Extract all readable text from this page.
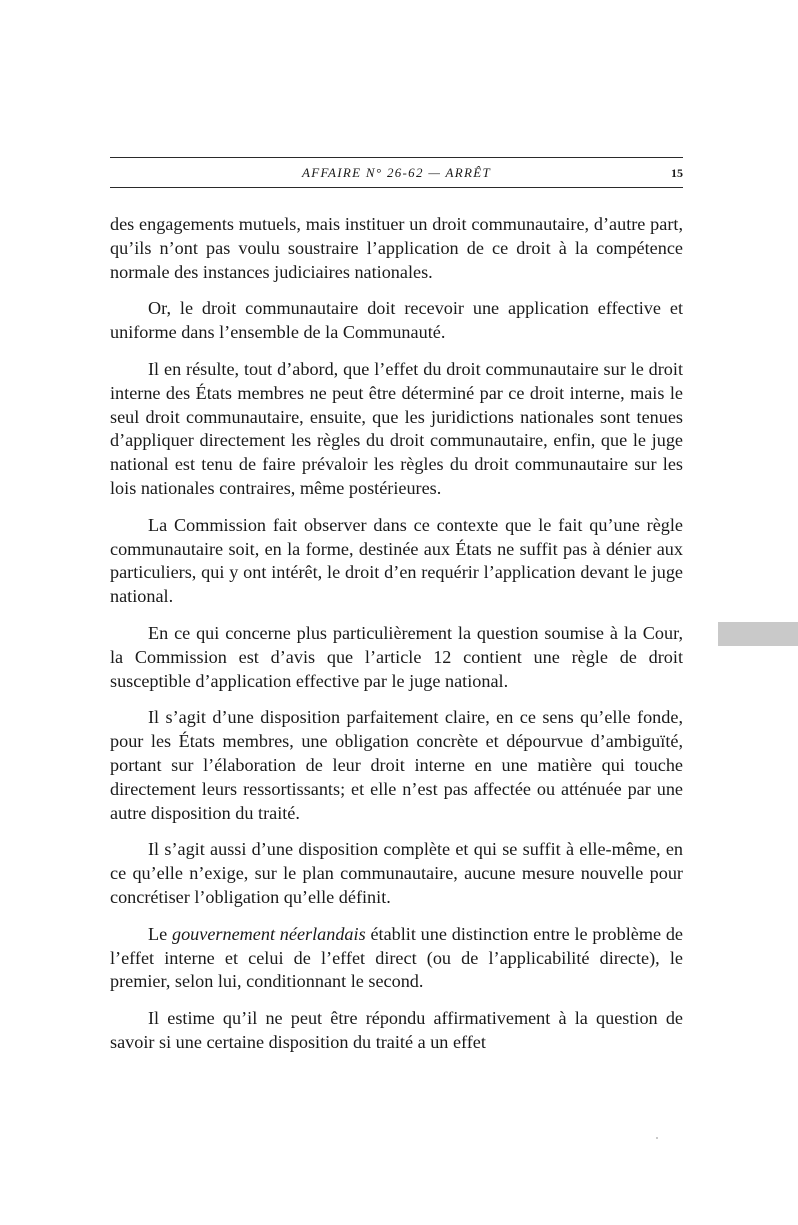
AFFAIRE N° 26-62 — ARRÊT	15

des engagements mutuels, mais instituer un droit communautaire, d’autre part, qu’ils n’ont pas voulu soustraire l’application de ce droit à la compétence normale des instances judiciaires nationales.

Or, le droit communautaire doit recevoir une application effective et uniforme dans l’ensemble de la Communauté.

Il en résulte, tout d’abord, que l’effet du droit communautaire sur le droit interne des États membres ne peut être déterminé par ce droit interne, mais le seul droit communautaire, ensuite, que les juridictions nationales sont tenues d’appliquer directement les règles du droit communautaire, enfin, que le juge national est tenu de faire prévaloir les règles du droit communautaire sur les lois nationales contraires, même postérieures.

La Commission fait observer dans ce contexte que le fait qu’une règle communautaire soit, en la forme, destinée aux États ne suffit pas à dénier aux particuliers, qui y ont intérêt, le droit d’en requérir l’application devant le juge national.

En ce qui concerne plus particulièrement la question soumise à la Cour, la Commission est d’avis que l’article 12 contient une règle de droit susceptible d’application effective par le juge national.

Il s’agit d’une disposition parfaitement claire, en ce sens qu’elle fonde, pour les États membres, une obligation concrète et dépourvue d’ambiguïté, portant sur l’élaboration de leur droit interne en une matière qui touche directement leurs ressortissants; et elle n’est pas affectée ou atténuée par une autre disposition du traité.

Il s’agit aussi d’une disposition complète et qui se suffit à elle-même, en ce qu’elle n’exige, sur le plan communautaire, aucune mesure nouvelle pour concrétiser l’obligation qu’elle définit.

Le gouvernement néerlandais établit une distinction entre le problème de l’effet interne et celui de l’effet direct (ou de l’applicabilité directe), le premier, selon lui, conditionnant le second.

Il estime qu’il ne peut être répondu affirmativement à la question de savoir si une certaine disposition du traité a un effet
